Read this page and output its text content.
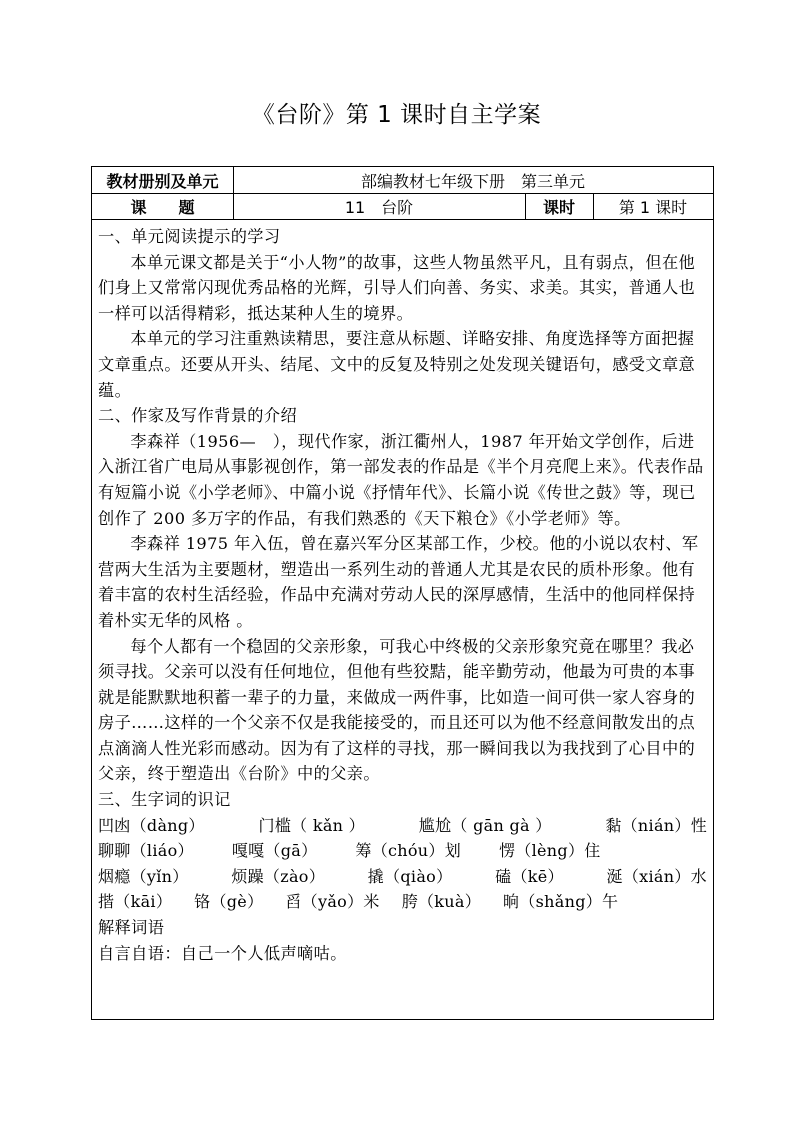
《台阶》第 1 课时自主学案
教材册别及单元	部编教材七年级下册　第三单元
课　　题	11　台阶	课时	第 1 课时

一、单元阅读提示的学习

本单元课文都是关于“小人物”的故事，这些人物虽然平凡，且有弱点，但在他们身上又常常闪现优秀品格的光辉，引导人们向善、务实、求美。其实，普通人也一样可以活得精彩，抵达某种人生的境界。

本单元的学习注重熟读精思，要注意从标题、详略安排、角度选择等方面把握文章重点。还要从开头、结尾、文中的反复及特别之处发现关键语句，感受文章意蕴。

二、作家及写作背景的介绍

李森祥（1956—　），现代作家，浙江衢州人，1987 年开始文学创作，后进入浙江省广电局从事影视创作，第一部发表的作品是《半个月亮爬上来》。代表作品有短篇小说《小学老师》、中篇小说《抒情年代》、长篇小说《传世之鼓》等，现已创作了 200 多万字的作品，有我们熟悉的《天下粮仓》《小学老师》等。

李森祥 1975 年入伍，曾在嘉兴军分区某部工作，少校。他的小说以农村、军营两大生活为主要题材，塑造出一系列生动的普通人尤其是农民的质朴形象。他有着丰富的农村生活经验，作品中充满对劳动人民的深厚感情，生活中的他同样保持着朴实无华的风格 。

每个人都有一个稳固的父亲形象，可我心中终极的父亲形象究竟在哪里？我必须寻找。父亲可以没有任何地位，但他有些狡黠，能辛勤劳动，他最为可贵的本事就是能默默地积蓄一辈子的力量，来做成一两件事，比如造一间可供一家人容身的房子……这样的一个父亲不仅是我能接受的，而且还可以为他不经意间散发出的点点滴滴人性光彩而感动。因为有了这样的寻找，那一瞬间我以为我找到了心目中的父亲，终于塑造出《台阶》中的父亲。

三、生字词的识记

凹凼（dàng）	门槛（ kǎn ）	尴尬（ gān gà ）	黏（nián）性
聊聊（liáo） 嘎嘎（gā） 筹（chóu）划 愣（lèng）住
烟瘾（yǐn）	烦躁（zào）	撬（qiào）	磕（kē）	涎（xián）水
揩（kāi） 铬（gè） 舀（yǎo）米 胯（kuà） 晌（shǎng）午

解释词语

自言自语：自己一个人低声嘀咕。
